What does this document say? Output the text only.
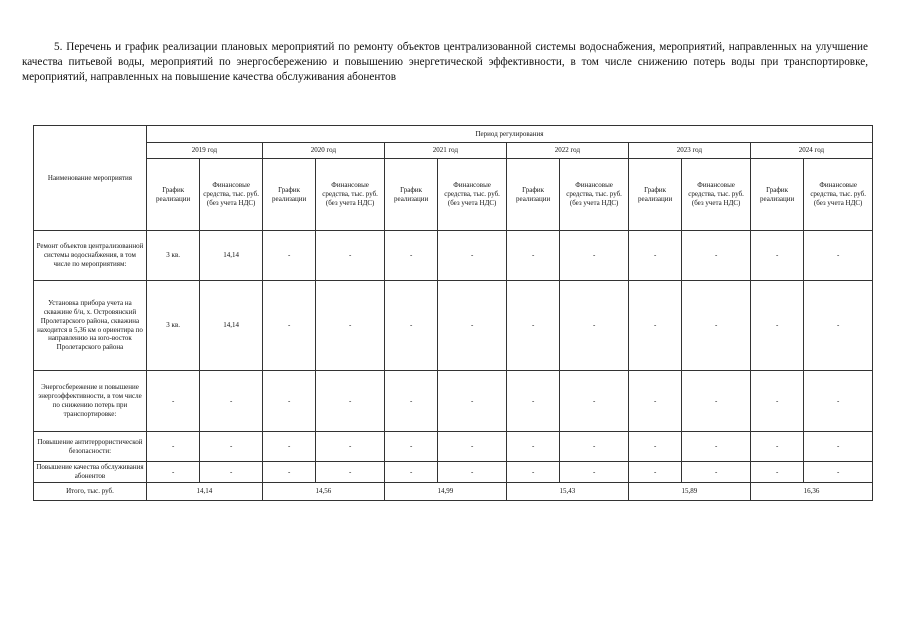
5. Перечень и график реализации плановых мероприятий по ремонту объектов централизованной системы водоснабжения, мероприятий, направленных на улучшение качества питьевой воды, мероприятий по энергосбережению и повышению энергетической эффективности, в том числе снижению потерь воды при транспортировке, мероприятий, направленных на повышение качества обслуживания абонентов
Наименование мероприятия	Период регулирования											
	2019 год		2020 год		2021 год		2022 год		2023 год		2024 год	
	График реализации	Финансовые средства, тыс. руб. (без учета НДС)	График реализации	Финансовые средства, тыс. руб. (без учета НДС)	График реализации	Финансовые средства, тыс. руб. (без учета НДС)	График реализации	Финансовые средства, тыс. руб. (без учета НДС)	График реализации	Финансовые средства, тыс. руб. (без учета НДС)	График реализации	Финансовые средства, тыс. руб. (без учета НДС)
Ремонт объектов централизованной системы водоснабжения, в том числе по мероприятиям:	3 кв.	14,14	-	-	-	-	-	-	-	-	-	-
Установка прибора учета на скважине б/н, х. Островянский Пролетарского района, скважина находится в 5,36 км о ориентира по направлению на юго-восток Пролетарского района	3 кв.	14,14	-	-	-	-	-	-	-	-	-	-
Энергосбережение и повышение энергоэффективности, в том числе по снижению потерь при транспортировке:	-	-	-	-	-	-	-	-	-	-	-	-
Повышение антитеррористической безопасности:	-	-	-	-	-	-	-	-	-	-	-	-
Повышение качества обслуживания абонентов	-	-	-	-	-	-	-	-	-	-	-	-
Итого, тыс. руб.	14,14		14,56		14,99		15,43		15,89		16,36	
